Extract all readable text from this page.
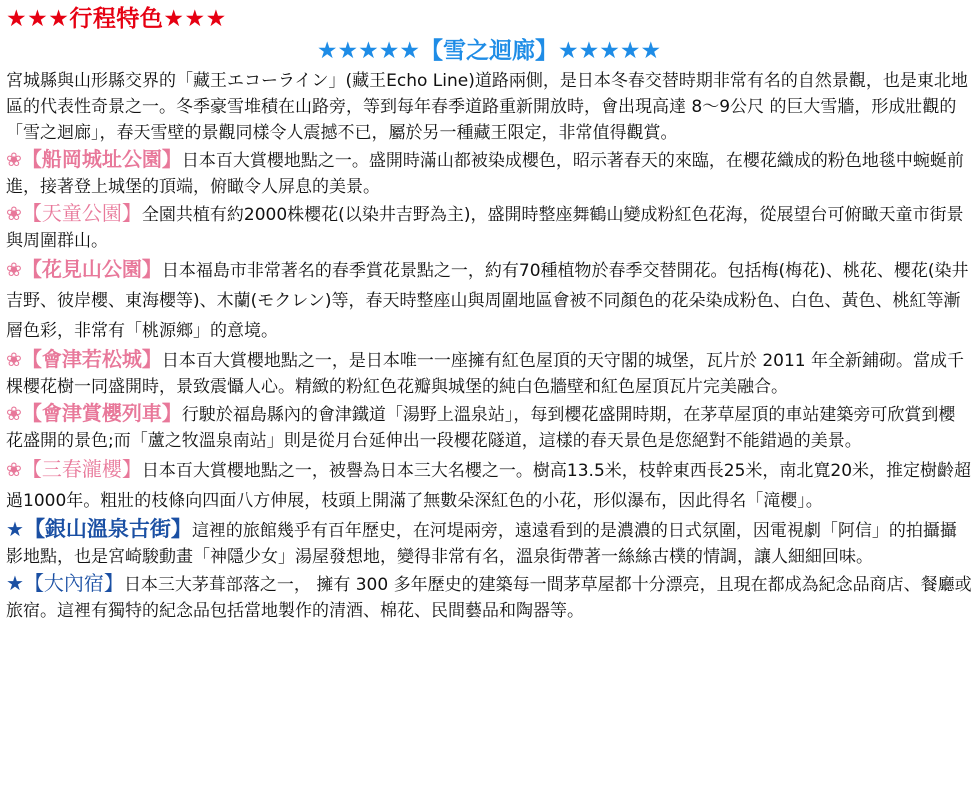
★★★行程特色★★★
★★★★★【雪之迴廊】★★★★★

宮城縣與山形縣交界的「藏王エコーライン」(藏王Echo Line)道路兩側，是日本冬春交替時期非常有名的自然景觀，也是東北地區的代表性奇景之一。冬季豪雪堆積在山路旁，等到每年春季道路重新開放時，會出現高達 8～9公尺 的巨大雪牆，形成壯觀的「雪之迴廊」，春天雪壁的景觀同樣令人震撼不已，屬於另一種藏王限定，非常值得觀賞。

❀【船岡城址公園】日本百大賞櫻地點之一。盛開時滿山都被染成櫻色，昭示著春天的來臨，在櫻花織成的粉色地毯中蜿蜒前進，接著登上城堡的頂端，俯瞰令人屏息的美景。

❀【天童公園】全園共植有約2000株櫻花(以染井吉野為主)，盛開時整座舞鶴山變成粉紅色花海，從展望台可俯瞰天童市街景與周圍群山。

❀【花見山公園】日本福島市非常著名的春季賞花景點之一，約有70種植物於春季交替開花。包括梅(梅花)、桃花、櫻花(染井吉野、彼岸櫻、東海櫻等)、木蘭(モクレン)等，春天時整座山與周圍地區會被不同顏色的花朵染成粉色、白色、黃色、桃紅等漸層色彩，非常有「桃源鄉」的意境。

❀【會津若松城】日本百大賞櫻地點之一，是日本唯一一座擁有紅色屋頂的天守閣的城堡，瓦片於 2011 年全新鋪砌。當成千棵櫻花樹一同盛開時，景致震懾人心。精緻的粉紅色花瓣與城堡的純白色牆壁和紅色屋頂瓦片完美融合。

❀【會津賞櫻列車】行駛於福島縣內的會津鐵道「湯野上溫泉站」，每到櫻花盛開時期，在茅草屋頂的車站建築旁可欣賞到櫻花盛開的景色;而「蘆之牧溫泉南站」則是從月台延伸出一段櫻花隧道，這樣的春天景色是您絕對不能錯過的美景。

❀【三春瀧櫻】日本百大賞櫻地點之一，被譽為日本三大名櫻之一。樹高13.5米，枝幹東西長25米，南北寬20米，推定樹齡超過1000年。粗壯的枝條向四面八方伸展，枝頭上開滿了無數朵深紅色的小花，形似瀑布，因此得名「滝櫻」。

★【銀山溫泉古街】這裡的旅館幾乎有百年歷史，在河堤兩旁，遠遠看到的是濃濃的日式氛圍，因電視劇「阿信」的拍攝攝影地點，也是宮崎駿動畫「神隱少女」湯屋發想地，變得非常有名，溫泉街帶著一絲絲古樸的情調，讓人細細回味。

★【大內宿】日本三大茅葺部落之一， 擁有 300 多年歷史的建築每一間茅草屋都十分漂亮，且現在都成為紀念品商店、餐廳或旅宿。這裡有獨特的紀念品包括當地製作的清酒、棉花、民間藝品和陶器等。
